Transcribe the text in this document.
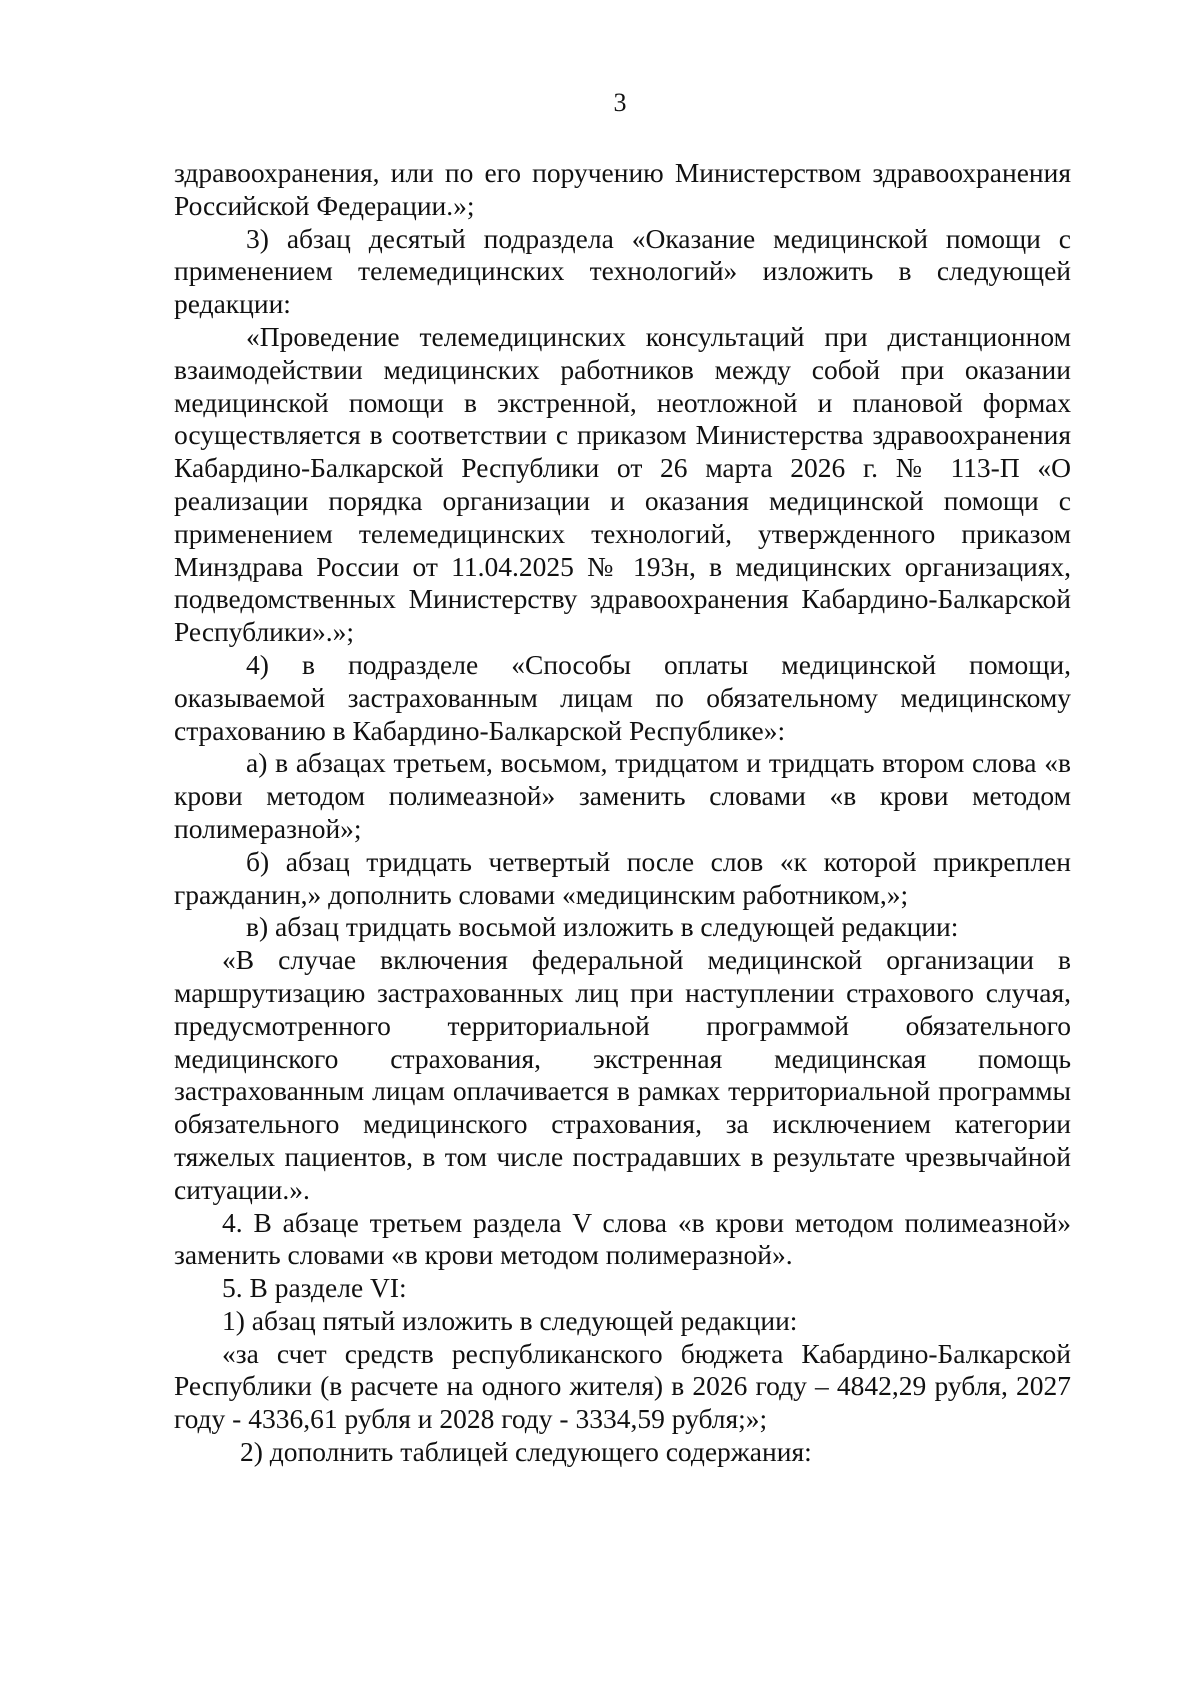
3

здравоохранения, или по его поручению Министерством здравоохранения Российской Федерации.»;

3) абзац десятый подраздела «Оказание медицинской помощи с применением телемедицинских технологий» изложить в следующей редакции:

«Проведение телемедицинских консультаций при дистанционном взаимодействии медицинских работников между собой при оказании медицинской помощи в экстренной, неотложной и плановой формах осуществляется в соответствии с приказом Министерства здравоохранения Кабардино-Балкарской Республики от 26 марта 2026 г. № 113-П «О реализации порядка организации и оказания медицинской помощи с применением телемедицинских технологий, утвержденного приказом Минздрава России от 11.04.2025 № 193н, в медицинских организациях, подведомственных Министерству здравоохранения Кабардино-Балкарской Республики».»;

4) в подразделе «Способы оплаты медицинской помощи, оказываемой застрахованным лицам по обязательному медицинскому страхованию в Кабардино-Балкарской Республике»:

а) в абзацах третьем, восьмом, тридцатом и тридцать втором слова «в крови методом полимеазной» заменить словами «в крови методом полимеразной»;

б) абзац тридцать четвертый после слов «к которой прикреплен гражданин,» дополнить словами «медицинским работником,»;

в) абзац тридцать восьмой изложить в следующей редакции:

«В случае включения федеральной медицинской организации в маршрутизацию застрахованных лиц при наступлении страхового случая, предусмотренного территориальной программой обязательного медицинского страхования, экстренная медицинская помощь застрахованным лицам оплачивается в рамках территориальной программы обязательного медицинского страхования, за исключением категории тяжелых пациентов, в том числе пострадавших в результате чрезвычайной ситуации.».

4. В абзаце третьем раздела V слова «в крови методом полимеазной» заменить словами «в крови методом полимеразной».

5. В разделе VI:

1) абзац пятый изложить в следующей редакции:

«за счет средств республиканского бюджета Кабардино-Балкарской Республики (в расчете на одного жителя) в 2026 году – 4842,29 рубля, 2027 году - 4336,61 рубля и 2028 году - 3334,59 рубля;»;

2) дополнить таблицей следующего содержания:
